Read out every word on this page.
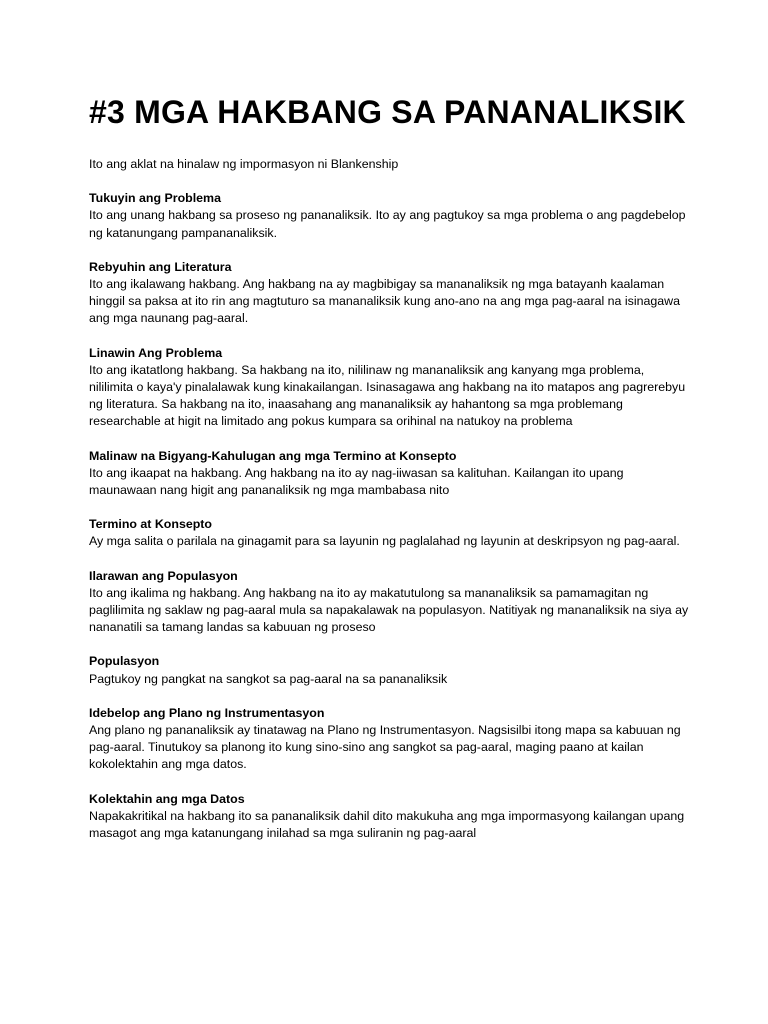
#3 MGA HAKBANG SA PANANALIKSIK

Ito ang aklat na hinalaw ng impormasyon ni Blankenship

Tukuyin ang Problema

Ito ang unang hakbang sa proseso ng pananaliksik. Ito ay ang pagtukoy sa mga problema o ang pagdebelop ng katanungang pampananaliksik.

Rebyuhin ang Literatura

Ito ang ikalawang hakbang. Ang hakbang na ay magbibigay sa mananaliksik ng mga batayanh kaalaman hinggil sa paksa at ito rin ang magtuturo sa mananaliksik kung ano-ano na ang mga pag-aaral na isinagawa ang mga naunang pag-aaral.

Linawin Ang Problema

Ito ang ikatatlong hakbang. Sa hakbang na ito, nililinaw ng mananaliksik ang kanyang mga problema, nililimita o kaya'y pinalalawak kung kinakailangan. Isinasagawa ang hakbang na ito matapos ang pagrerebyu ng literatura. Sa hakbang na ito, inaasahang ang mananaliksik ay hahantong sa mga problemang researchable at higit na limitado ang pokus kumpara sa orihinal na natukoy na problema

Malinaw na Bigyang-Kahulugan ang mga Termino at Konsepto

Ito ang ikaapat na hakbang. Ang hakbang na ito ay nag-iiwasan sa kalituhan. Kailangan ito upang maunawaan nang higit ang pananaliksik ng mga mambabasa nito

Termino at Konsepto

Ay mga salita o parilala na ginagamit para sa layunin ng paglalahad ng layunin at deskripsyon ng pag-aaral.

Ilarawan ang Populasyon

Ito ang ikalima ng hakbang. Ang hakbang na ito ay makatutulong sa mananaliksik sa pamamagitan ng paglilimita ng saklaw ng pag-aaral mula sa napakalawak na populasyon. Natitiyak ng mananaliksik na siya ay nananatili sa tamang landas sa kabuuan ng proseso

Populasyon

Pagtukoy ng pangkat na sangkot sa pag-aaral na sa pananaliksik

Idebelop ang Plano ng Instrumentasyon

Ang plano ng pananaliksik ay tinatawag na Plano ng Instrumentasyon. Nagsisilbi itong mapa sa kabuuan ng pag-aaral. Tinutukoy sa planong ito kung sino-sino ang sangkot sa pag-aaral, maging paano at kailan kokolektahin ang mga datos.

Kolektahin ang mga Datos

Napakakritikal na hakbang ito sa pananaliksik dahil dito makukuha ang mga impormasyong kailangan upang masagot ang mga katanungang inilahad sa mga suliranin ng pag-aaral
